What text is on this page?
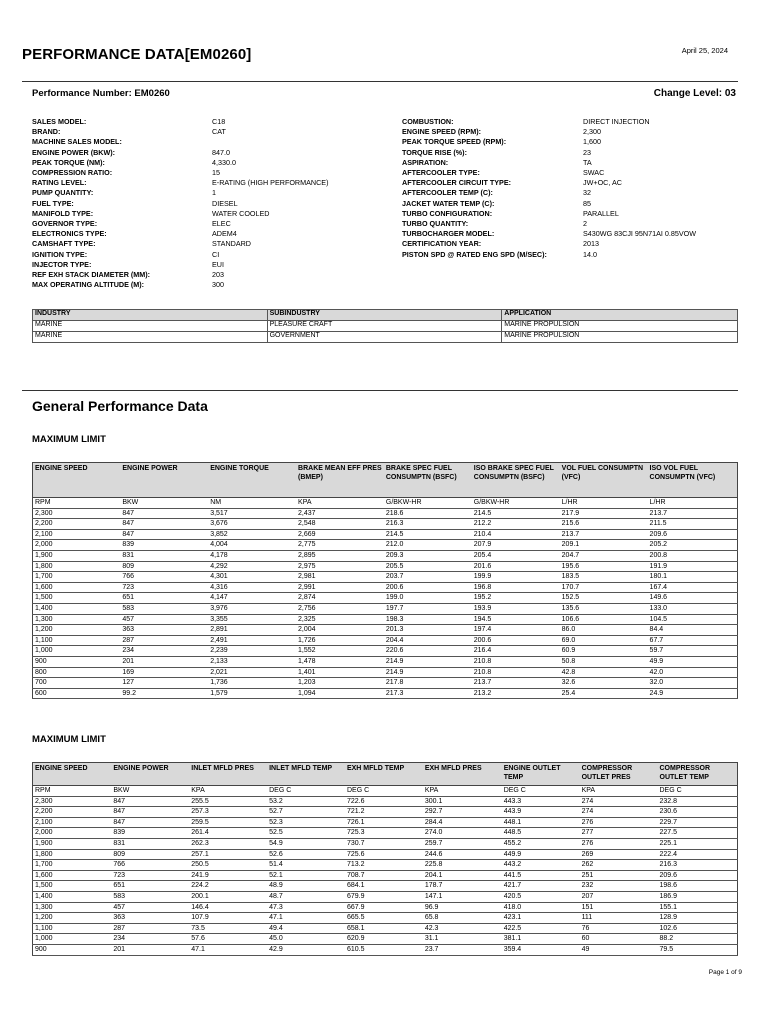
PERFORMANCE DATA[EM0260]	April 25, 2024
Performance Number: EM0260	Change Level: 03
SALES MODEL:	C18
BRAND:	CAT
MACHINE SALES MODEL:
ENGINE POWER (BKW):	847.0
PEAK TORQUE (NM):	4,330.0
COMPRESSION RATIO:	15
RATING LEVEL:	E-RATING (HIGH PERFORMANCE)
PUMP QUANTITY:	1
FUEL TYPE:	DIESEL
MANIFOLD TYPE:	WATER COOLED
GOVERNOR TYPE:	ELEC
ELECTRONICS TYPE:	ADEM4
CAMSHAFT TYPE:	STANDARD
IGNITION TYPE:	CI
INJECTOR TYPE:	EUI
REF EXH STACK DIAMETER (MM):	203
MAX OPERATING ALTITUDE (M):	300
COMBUSTION:	DIRECT INJECTION
ENGINE SPEED (RPM):	2,300
PEAK TORQUE SPEED (RPM):	1,600
TORQUE RISE (%):	23
ASPIRATION:	TA
AFTERCOOLER TYPE:	SWAC
AFTERCOOLER CIRCUIT TYPE:	JW+OC, AC
AFTERCOOLER TEMP (C):	32
JACKET WATER TEMP (C):	85
TURBO CONFIGURATION:	PARALLEL
TURBO QUANTITY:	2
TURBOCHARGER MODEL:	S430WG 83CJI 95N71AI 0.85VOW
CERTIFICATION YEAR:	2013
PISTON SPD @ RATED ENG SPD (M/SEC):	14.0
INDUSTRY	SUBINDUSTRY	APPLICATION
MARINE	PLEASURE CRAFT	MARINE PROPULSION
MARINE	GOVERNMENT	MARINE PROPULSION
General Performance Data
MAXIMUM LIMIT
ENGINE SPEED	ENGINE POWER	ENGINE TORQUE	BRAKE MEAN EFF PRES (BMEP)	BRAKE SPEC FUEL CONSUMPTN (BSFC)	ISO BRAKE SPEC FUEL CONSUMPTN (BSFC)	VOL FUEL CONSUMPTN (VFC)	ISO VOL FUEL CONSUMPTN (VFC)
RPM	BKW	NM	KPA	G/BKW-HR	G/BKW-HR	L/HR	L/HR
2,300	847	3,517	2,437	218.6	214.5	217.9	213.7
2,200	847	3,676	2,548	216.3	212.2	215.6	211.5
2,100	847	3,852	2,669	214.5	210.4	213.7	209.6
2,000	839	4,004	2,775	212.0	207.9	209.1	205.2
1,900	831	4,178	2,895	209.3	205.4	204.7	200.8
1,800	809	4,292	2,975	205.5	201.6	195.6	191.9
1,700	766	4,301	2,981	203.7	199.9	183.5	180.1
1,600	723	4,316	2,991	200.6	196.8	170.7	167.4
1,500	651	4,147	2,874	199.0	195.2	152.5	149.6
1,400	583	3,976	2,756	197.7	193.9	135.6	133.0
1,300	457	3,355	2,325	198.3	194.5	106.6	104.5
1,200	363	2,891	2,004	201.3	197.4	86.0	84.4
1,100	287	2,491	1,726	204.4	200.6	69.0	67.7
1,000	234	2,239	1,552	220.6	216.4	60.9	59.7
900	201	2,133	1,478	214.9	210.8	50.8	49.9
800	169	2,021	1,401	214.9	210.8	42.8	42.0
700	127	1,736	1,203	217.8	213.7	32.6	32.0
600	99.2	1,579	1,094	217.3	213.2	25.4	24.9
MAXIMUM LIMIT
ENGINE SPEED	ENGINE POWER	INLET MFLD PRES	INLET MFLD TEMP	EXH MFLD TEMP	EXH MFLD PRES	ENGINE OUTLET TEMP	COMPRESSOR OUTLET PRES	COMPRESSOR OUTLET TEMP
RPM	BKW	KPA	DEG C	DEG C	KPA	DEG C	KPA	DEG C
2,300	847	255.5	53.2	722.6	300.1	443.3	274	232.8
2,200	847	257.3	52.7	721.2	292.7	443.9	274	230.6
2,100	847	259.5	52.3	726.1	284.4	448.1	276	229.7
2,000	839	261.4	52.5	725.3	274.0	448.5	277	227.5
1,900	831	262.3	54.9	730.7	259.7	455.2	276	225.1
1,800	809	257.1	52.6	725.6	244.6	449.9	269	222.4
1,700	766	250.5	51.4	713.2	225.8	443.2	262	216.3
1,600	723	241.9	52.1	708.7	204.1	441.5	251	209.6
1,500	651	224.2	48.9	684.1	178.7	421.7	232	198.6
1,400	583	200.1	48.7	679.9	147.1	420.5	207	186.9
1,300	457	146.4	47.3	667.9	96.9	418.0	151	155.1
1,200	363	107.9	47.1	665.5	65.8	423.1	111	128.9
1,100	287	73.5	49.4	658.1	42.3	422.5	76	102.6
1,000	234	57.6	45.0	620.9	31.1	381.1	60	88.2
900	201	47.1	42.9	610.5	23.7	359.4	49	79.5
Page 1 of 9
